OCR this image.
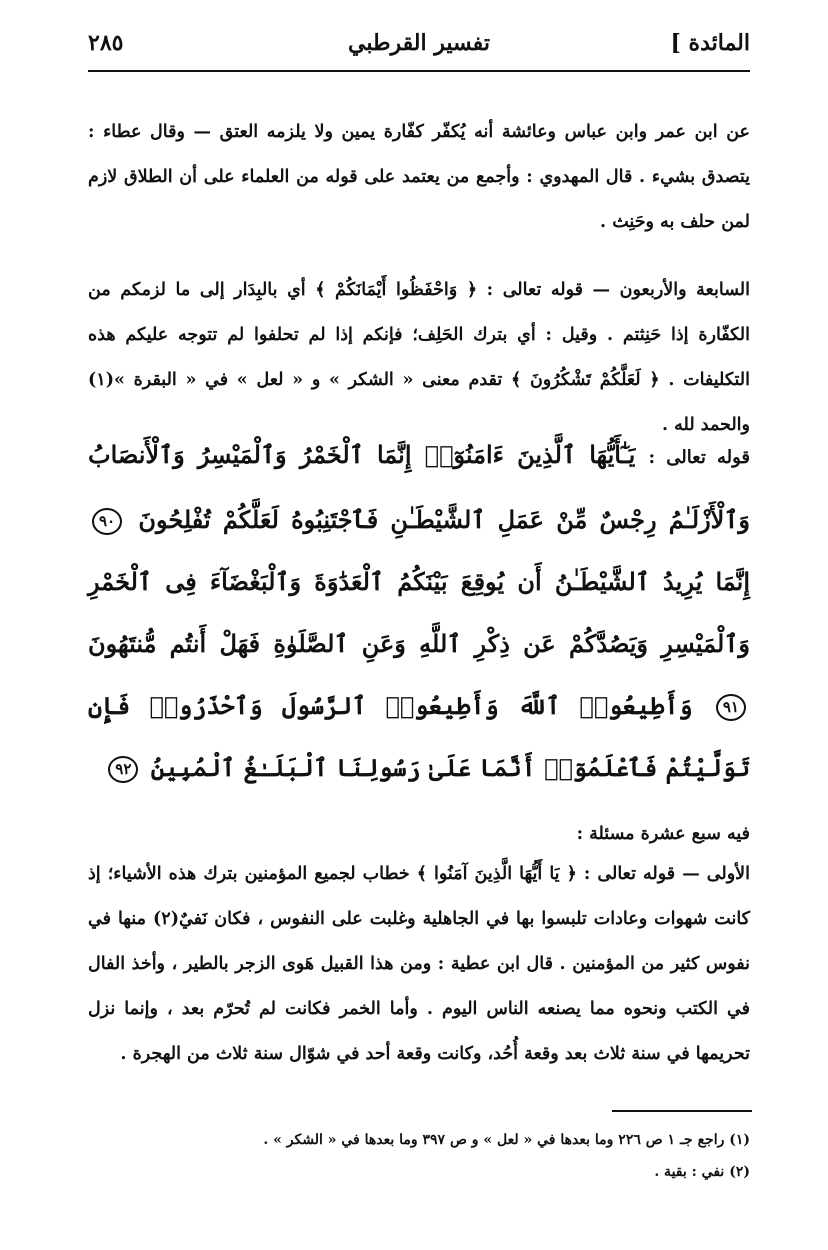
المائدة ]
تفسير القرطبي
٢٨٥

عن ابن عمر وابن عباس وعائشة أنه يُكفّر كفّارة يمين ولا يلزمه العتق — وقال عطاء : يتصدق بشيء . قال المهدوي : وأجمع من يعتمد على قوله من العلماء على أن الطلاق لازم لمن حلف به وحَنِث .

السابعة والأربعون — قوله تعالى : ﴿ وَاحْفَظُوا أَيْمَانَكُمْ ﴾ أي بالبِدَار إلى ما لزمكم من الكفّارة إذا حَنِثتم . وقيل : أي بترك الحَلِف؛ فإنكم إذا لم تحلفوا لم تتوجه عليكم هذه التكليفات . ﴿ لَعَلَّكُمْ تَشْكُرُونَ ﴾ تقدم معنى « الشكر » و « لعل » في « البقرة »(١) والحمد لله .

قوله تعالى : يَـٰٓأَيُّهَا ٱلَّذِينَ ءَامَنُوٓا۟ إِنَّمَا ٱلْخَمْرُ وَٱلْمَيْسِرُ وَٱلْأَنصَابُ وَٱلْأَزْلَـٰمُ رِجْسٌ مِّنْ عَمَلِ ٱلشَّيْطَـٰنِ فَٱجْتَنِبُوهُ لَعَلَّكُمْ تُفْلِحُونَ ٩٠ إِنَّمَا يُرِيدُ ٱلشَّيْطَـٰنُ أَن يُوقِعَ بَيْنَكُمُ ٱلْعَدَٰوَةَ وَٱلْبَغْضَآءَ فِى ٱلْخَمْرِ وَٱلْمَيْسِرِ وَيَصُدَّكُمْ عَن ذِكْرِ ٱللَّهِ وَعَنِ ٱلصَّلَوٰةِ فَهَلْ أَنتُم مُّنتَهُونَ ٩١ وَأَطِيعُوا۟ ٱللَّهَ وَأَطِيعُوا۟ ٱلرَّسُولَ وَٱحْذَرُوا۟ فَإِن تَوَلَّيْتُمْ فَٱعْلَمُوٓا۟ أَنَّمَا عَلَىٰ رَسُولِنَا ٱلْبَلَـٰغُ ٱلْمُبِينُ ٩٢

فيه سبع عشرة مسئلة :

الأولى — قوله تعالى : ﴿ يَا أَيُّهَا الَّذِينَ آمَنُوا ﴾ خطاب لجميع المؤمنين بترك هذه الأشياء؛ إذ كانت شهوات وعادات تلبسوا بها في الجاهلية وغلبت على النفوس ، فكان نَفيٌ(٢) منها في نفوس كثير من المؤمنين . قال ابن عطية : ومن هذا القبيل هَوى الزجر بالطير ، وأخذ الفال في الكتب ونحوه مما يصنعه الناس اليوم . وأما الخمر فكانت لم تُحرّم بعد ، وإنما نزل تحريمها في سنة ثلاث بعد وقعة أُحُد، وكانت وقعة أحد في شوّال سنة ثلاث من الهجرة .

(١) راجع جـ ١ ص ٢٢٦ وما بعدها في « لعل » و ص ٣٩٧ وما بعدها في « الشكر » .

(٢) نفي : بقية .
